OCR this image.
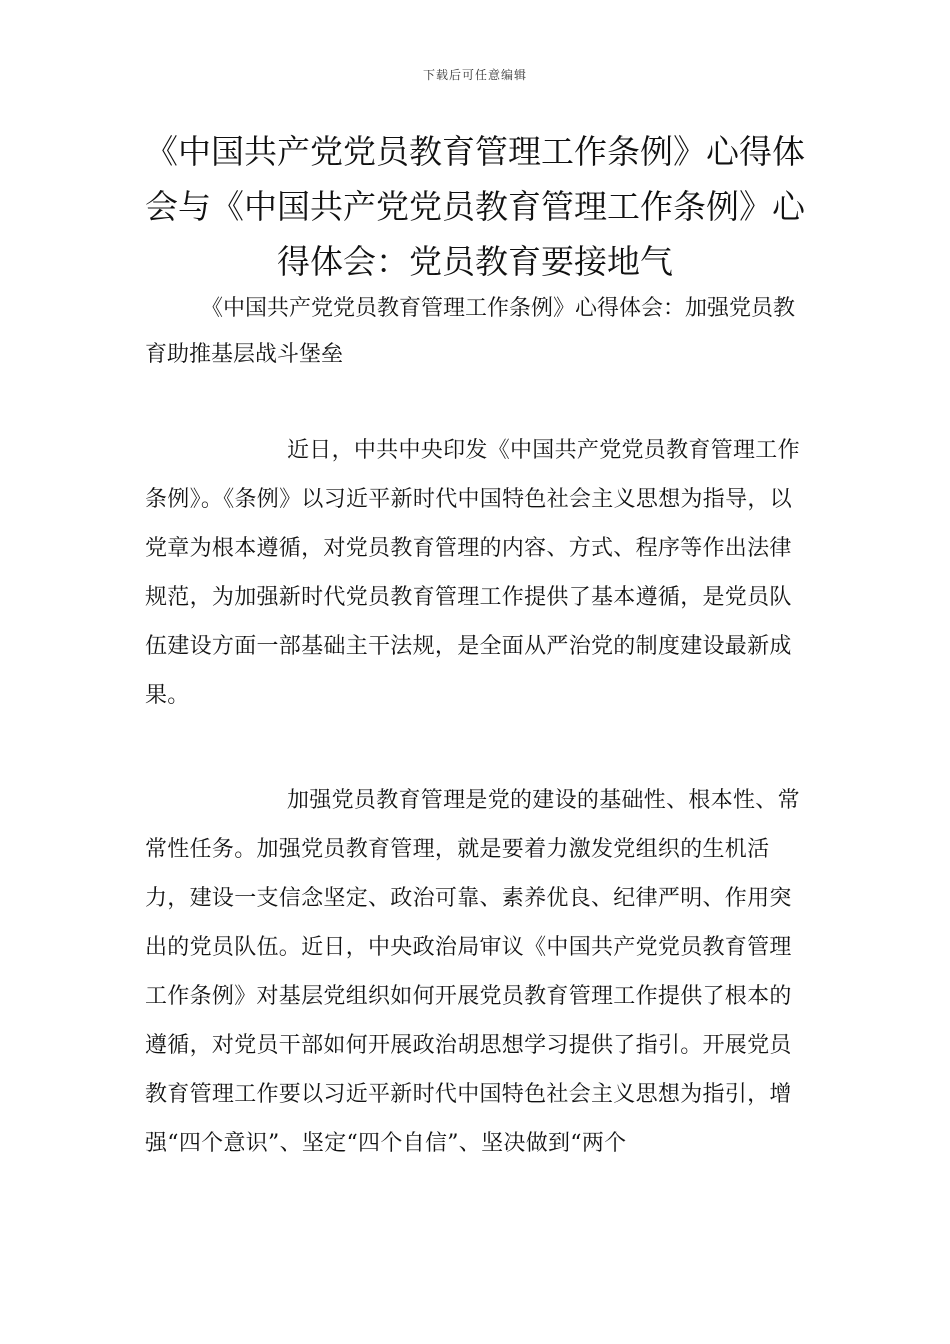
下载后可任意编辑
《中国共产党党员教育管理工作条例》心得体会与《中国共产党党员教育管理工作条例》心得体会：党员教育要接地气

《中国共产党党员教育管理工作条例》心得体会：加强党员教育助推基层战斗堡垒

近日，中共中央印发《中国共产党党员教育管理工作条例》。《条例》以习近平新时代中国特色社会主义思想为指导，以党章为根本遵循，对党员教育管理的内容、方式、程序等作出法律规范，为加强新时代党员教育管理工作提供了基本遵循，是党员队伍建设方面一部基础主干法规，是全面从严治党的制度建设最新成果。

加强党员教育管理是党的建设的基础性、根本性、常常性任务。加强党员教育管理，就是要着力激发党组织的生机活力，建设一支信念坚定、政治可靠、素养优良、纪律严明、作用突出的党员队伍。近日，中央政治局审议《中国共产党党员教育管理工作条例》对基层党组织如何开展党员教育管理工作提供了根本的遵循，对党员干部如何开展政治胡思想学习提供了指引。开展党员教育管理工作要以习近平新时代中国特色社会主义思想为指引，增强“四个意识”、坚定“四个自信”、坚决做到“两个
